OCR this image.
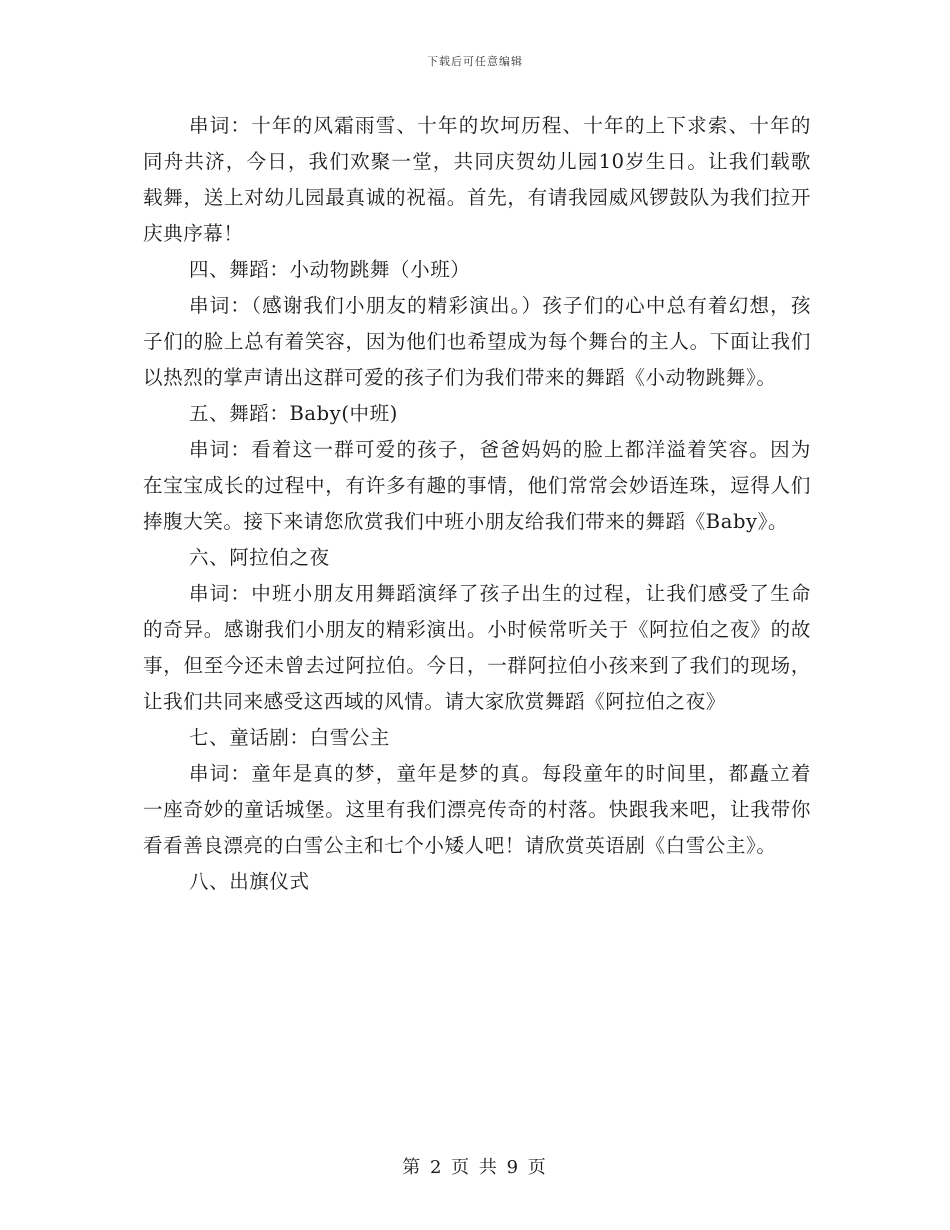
下载后可任意编辑

串词：十年的风霜雨雪、十年的坎坷历程、十年的上下求索、十年的同舟共济，今日，我们欢聚一堂，共同庆贺幼儿园10岁生日。让我们载歌载舞，送上对幼儿园最真诚的祝福。首先，有请我园威风锣鼓队为我们拉开庆典序幕！

四、舞蹈：小动物跳舞（小班）

串词：（感谢我们小朋友的精彩演出。）孩子们的心中总有着幻想，孩子们的脸上总有着笑容，因为他们也希望成为每个舞台的主人。下面让我们以热烈的掌声请出这群可爱的孩子们为我们带来的舞蹈《小动物跳舞》。

五、舞蹈：Baby(中班)

串词：看着这一群可爱的孩子，爸爸妈妈的脸上都洋溢着笑容。因为在宝宝成长的过程中，有许多有趣的事情，他们常常会妙语连珠，逗得人们捧腹大笑。接下来请您欣赏我们中班小朋友给我们带来的舞蹈《Baby》。

六、阿拉伯之夜

串词：中班小朋友用舞蹈演绎了孩子出生的过程，让我们感受了生命的奇异。感谢我们小朋友的精彩演出。小时候常听关于《阿拉伯之夜》的故事，但至今还未曾去过阿拉伯。今日，一群阿拉伯小孩来到了我们的现场，让我们共同来感受这西域的风情。请大家欣赏舞蹈《阿拉伯之夜》

七、童话剧：白雪公主

串词：童年是真的梦，童年是梦的真。每段童年的时间里，都矗立着一座奇妙的童话城堡。这里有我们漂亮传奇的村落。快跟我来吧，让我带你看看善良漂亮的白雪公主和七个小矮人吧！请欣赏英语剧《白雪公主》。

八、出旗仪式

第 2 页 共 9 页
